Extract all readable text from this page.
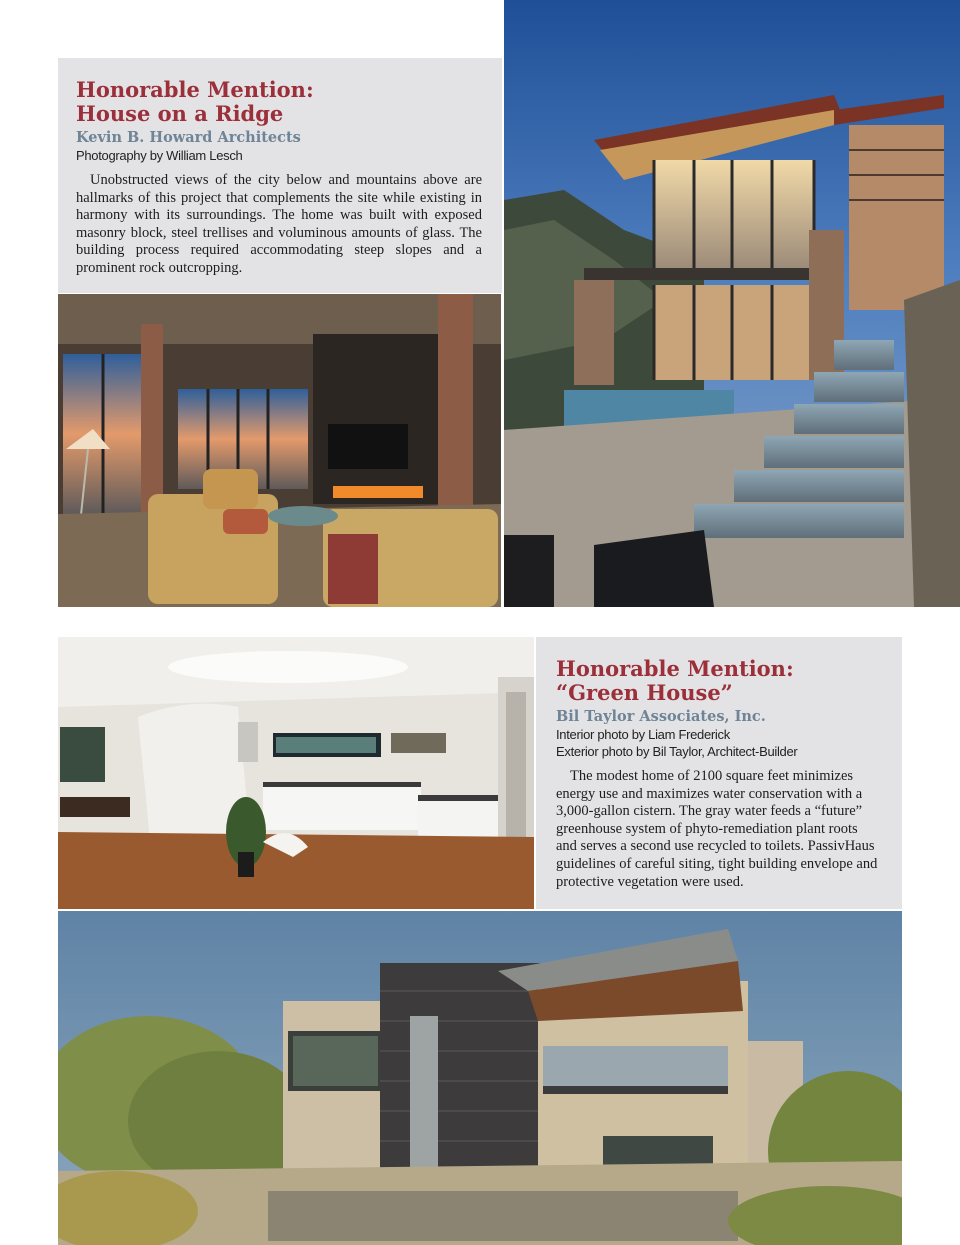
Honorable Mention:
House on a Ridge

Kevin B. Howard Architects

Photography by William Lesch

Unobstructed views of the city below and mountains above are hallmarks of this project that complements the site while existing in harmony with its surroundings. The home was built with exposed masonry block, steel trellises and voluminous amounts of glass. The building process required accommodating steep slopes and a prominent rock outcropping.

Honorable Mention:
“Green House”

Bil Taylor Associates, Inc.

Interior photo by Liam Frederick

Exterior photo by Bil Taylor, Architect-Builder

The modest home of 2100 square feet minimizes energy use and maximizes water conservation with a 3,000-gallon cistern. The gray water feeds a “future” greenhouse system of phyto-remediation plant roots and serves a second use recycled to toilets. PassivHaus guidelines of careful siting, tight building envelope and protective vegetation were used.
